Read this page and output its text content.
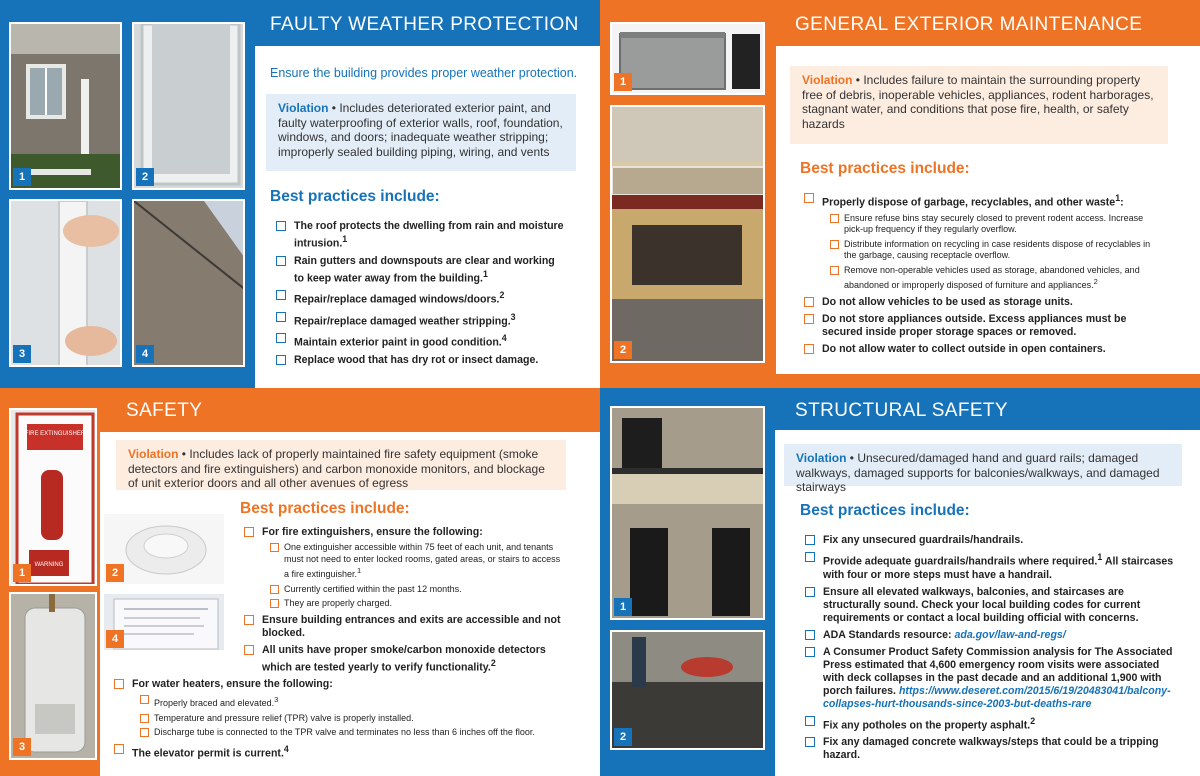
FAULTY WEATHER PROTECTION
1	2
3	4
Ensure the building provides proper weather protection.
Violation • Includes deteriorated exterior paint, and faulty waterproofing of exterior walls, roof, foundation, windows, and doors; inadequate weather stripping; improperly sealed building piping, wiring, and vents
Best practices include:
The roof protects the dwelling from rain and moisture intrusion.$^1$
Rain gutters and downspouts are clear and working to keep water away from the building.$^1$
Repair/replace damaged windows/doors.$^2$
Repair/replace damaged weather stripping.$^3$
Maintain exterior paint in good condition.$^4$
Replace wood that has dry rot or insect damage.
GENERAL EXTERIOR MAINTENANCE
1
2
Violation • Includes failure to maintain the surrounding property free of debris, inoperable vehicles, appliances, rodent harborages, stagnant water, and conditions that pose fire, health, or safety hazards
Best practices include:
Properly dispose of garbage, recyclables, and other waste$^1$:
Ensure refuse bins stay securely closed to prevent rodent access. Increase pick-up frequency if they regularly overflow.
Distribute information on recycling in case residents dispose of recyclables in the garbage, causing receptacle overflow.
Remove non-operable vehicles used as storage, abandoned vehicles, and abandoned or improperly disposed of furniture and appliances.$^2$
Do not allow vehicles to be used as storage units.
Do not store appliances outside. Excess appliances must be secured inside proper storage spaces or removed.
Do not allow water to collect outside in open containers.
SAFETY
FIRE EXTINGUISHER
WARNING
1	2
3
4
Violation • Includes lack of properly maintained fire safety equipment (smoke detectors and fire extinguishers) and carbon monoxide monitors, and blockage of unit exterior doors and all other avenues of egress
Best practices include:
For fire extinguishers, ensure the following:
One extinguisher accessible within 75 feet of each unit, and tenants must not need to enter locked rooms, gated areas, or stairs to access a fire extinguisher.$^1$
Currently certified within the past 12 months.
They are properly charged.
Ensure building entrances and exits are accessible and not blocked.
All units have proper smoke/carbon monoxide detectors which are tested yearly to verify functionality.$^2$
For water heaters, ensure the following:
Properly braced and elevated.$^3$
Temperature and pressure relief (TPR) valve is properly installed.
Discharge tube is connected to the TPR valve and terminates no less than 6 inches off the floor.
The elevator permit is current.$^4$
STRUCTURAL SAFETY
1
2
Violation • Unsecured/damaged hand and guard rails; damaged walkways, damaged supports for balconies/walkways, and damaged stairways
Best practices include:
Fix any unsecured guardrails/handrails.
Provide adequate guardrails/handrails where required.$^1$ All staircases with four or more steps must have a handrail.
Ensure all elevated walkways, balconies, and staircases are structurally sound. Check your local building codes for current requirements or contact a local building official with concerns.
ADA Standards resource: ada.gov/law-and-regs/
A Consumer Product Safety Commission analysis for The Associated Press estimated that 4,600 emergency room visits were associated with deck collapses in the past decade and an additional 1,900 with porch failures. https://www.deseret.com/2015/6/19/20483041/balcony-collapses-hurt-thousands-since-2003-but-deaths-rare
Fix any potholes on the property asphalt.$^2$
Fix any damaged concrete walkways/steps that could be a tripping hazard.
